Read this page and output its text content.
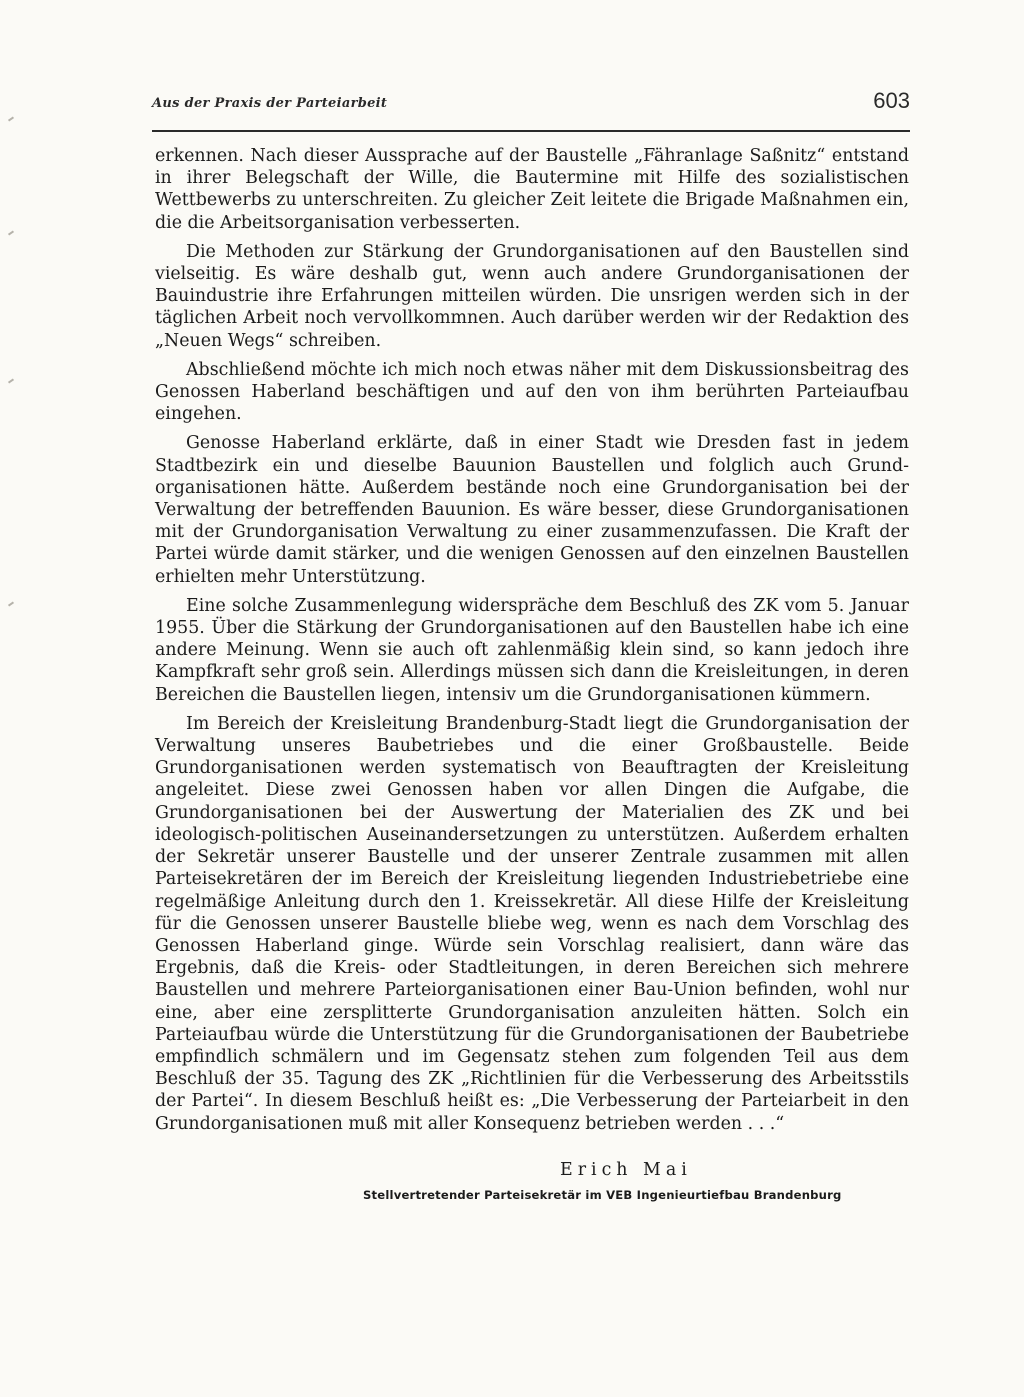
Aus der Praxis der Parteiarbeit	603

erkennen. Nach dieser Aussprache auf der Baustelle „Fähranlage Saßnitz“ entstand in ihrer Belegschaft der Wille, die Bautermine mit Hilfe des sozialistischen Wettbewerbs zu unterschreiten. Zu gleicher Zeit leitete die Brigade Maßnahmen ein, die die Arbeitsorganisation verbesserten.

Die Methoden zur Stärkung der Grundorganisationen auf den Baustellen sind vielseitig. Es wäre deshalb gut, wenn auch andere Grundorganisationen der Bauindustrie ihre Erfahrungen mitteilen würden. Die unsrigen werden sich in der täglichen Arbeit noch vervollkommnen. Auch darüber werden wir der Redaktion des „Neuen Wegs“ schreiben.

Abschließend möchte ich mich noch etwas näher mit dem Diskussionsbeitrag des Genossen Haberland beschäftigen und auf den von ihm berührten Parteiaufbau eingehen.

Genosse Haberland erklärte, daß in einer Stadt wie Dresden fast in jedem Stadtbezirk ein und dieselbe Bauunion Baustellen und folglich auch Grundorganisationen hätte. Außerdem bestände noch eine Grundorganisation bei der Verwaltung der betreffenden Bauunion. Es wäre besser, diese Grundorganisationen mit der Grundorganisation Verwaltung zu einer zusammenzufassen. Die Kraft der Partei würde damit stärker, und die wenigen Genossen auf den einzelnen Baustellen erhielten mehr Unterstützung.

Eine solche Zusammenlegung widerspräche dem Beschluß des ZK vom 5. Januar 1955. Über die Stärkung der Grundorganisationen auf den Baustellen habe ich eine andere Meinung. Wenn sie auch oft zahlenmäßig klein sind, so kann jedoch ihre Kampfkraft sehr groß sein. Allerdings müssen sich dann die Kreisleitungen, in deren Bereichen die Baustellen liegen, intensiv um die Grundorganisationen kümmern.

Im Bereich der Kreisleitung Brandenburg-Stadt liegt die Grundorganisation der Verwaltung unseres Baubetriebes und die einer Großbaustelle. Beide Grundorganisationen werden systematisch von Beauftragten der Kreisleitung angeleitet. Diese zwei Genossen haben vor allen Dingen die Aufgabe, die Grundorganisationen bei der Auswertung der Materialien des ZK und bei ideologisch-politischen Auseinandersetzungen zu unterstützen. Außerdem erhalten der Sekretär unserer Baustelle und der unserer Zentrale zusammen mit allen Parteisekretären der im Bereich der Kreisleitung liegenden Industriebetriebe eine regelmäßige Anleitung durch den 1. Kreissekretär. All diese Hilfe der Kreisleitung für die Genossen unserer Baustelle bliebe weg, wenn es nach dem Vorschlag des Genossen Haberland ginge. Würde sein Vorschlag realisiert, dann wäre das Ergebnis, daß die Kreis- oder Stadtleitungen, in deren Bereichen sich mehrere Baustellen und mehrere Parteiorganisationen einer Bau-Union befinden, wohl nur eine, aber eine zersplitterte Grundorganisation anzuleiten hätten. Solch ein Parteiaufbau würde die Unterstützung für die Grundorganisationen der Baubetriebe empfindlich schmälern und im Gegensatz stehen zum folgenden Teil aus dem Beschluß der 35. Tagung des ZK „Richtlinien für die Verbesserung des Arbeitsstils der Partei“. In diesem Beschluß heißt es: „Die Verbesserung der Parteiarbeit in den Grundorganisationen muß mit aller Konsequenz betrieben werden . . .“

Erich Mai
Stellvertretender Parteisekretär im VEB Ingenieurtiefbau Brandenburg
